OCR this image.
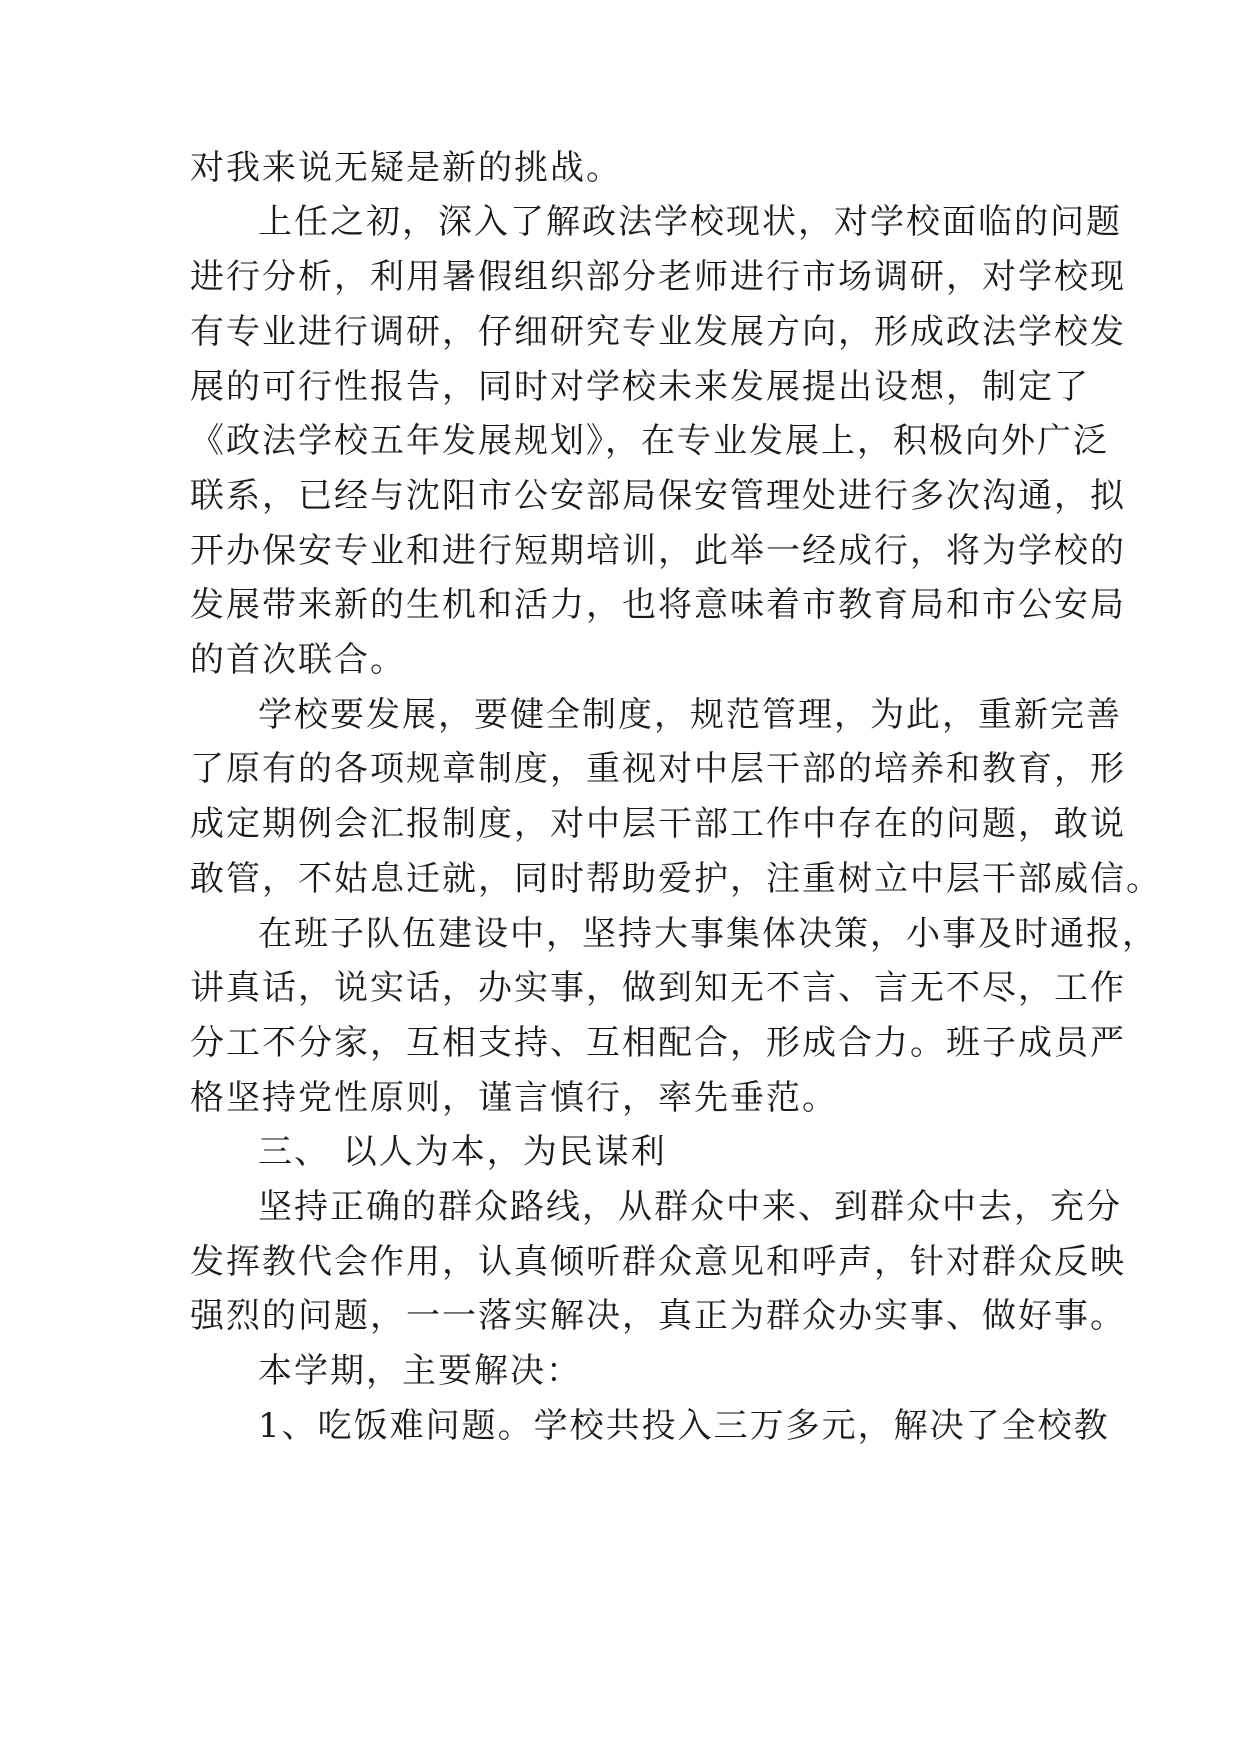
对我来说无疑是新的挑战。

上任之初，深入了解政法学校现状，对学校面临的问题

进行分析，利用暑假组织部分老师进行市场调研，对学校现

有专业进行调研，仔细研究专业发展方向，形成政法学校发

展的可行性报告，同时对学校未来发展提出设想，制定了

《政法学校五年发展规划》，在专业发展上，积极向外广泛

联系，已经与沈阳市公安部局保安管理处进行多次沟通，拟

开办保安专业和进行短期培训，此举一经成行，将为学校的

发展带来新的生机和活力，也将意味着市教育局和市公安局

的首次联合。

学校要发展，要健全制度，规范管理，为此，重新完善

了原有的各项规章制度，重视对中层干部的培养和教育，形

成定期例会汇报制度，对中层干部工作中存在的问题，敢说

敢管，不姑息迁就，同时帮助爱护，注重树立中层干部威信。

在班子队伍建设中，坚持大事集体决策，小事及时通报，

讲真话，说实话，办实事，做到知无不言、言无不尽，工作

分工不分家，互相支持、互相配合，形成合力。班子成员严

格坚持党性原则，谨言慎行，率先垂范。

三、 以人为本，为民谋利

坚持正确的群众路线，从群众中来、到群众中去，充分

发挥教代会作用，认真倾听群众意见和呼声，针对群众反映

强烈的问题，一一落实解决，真正为群众办实事、做好事。

本学期，主要解决：

1、吃饭难问题。学校共投入三万多元，解决了全校教
